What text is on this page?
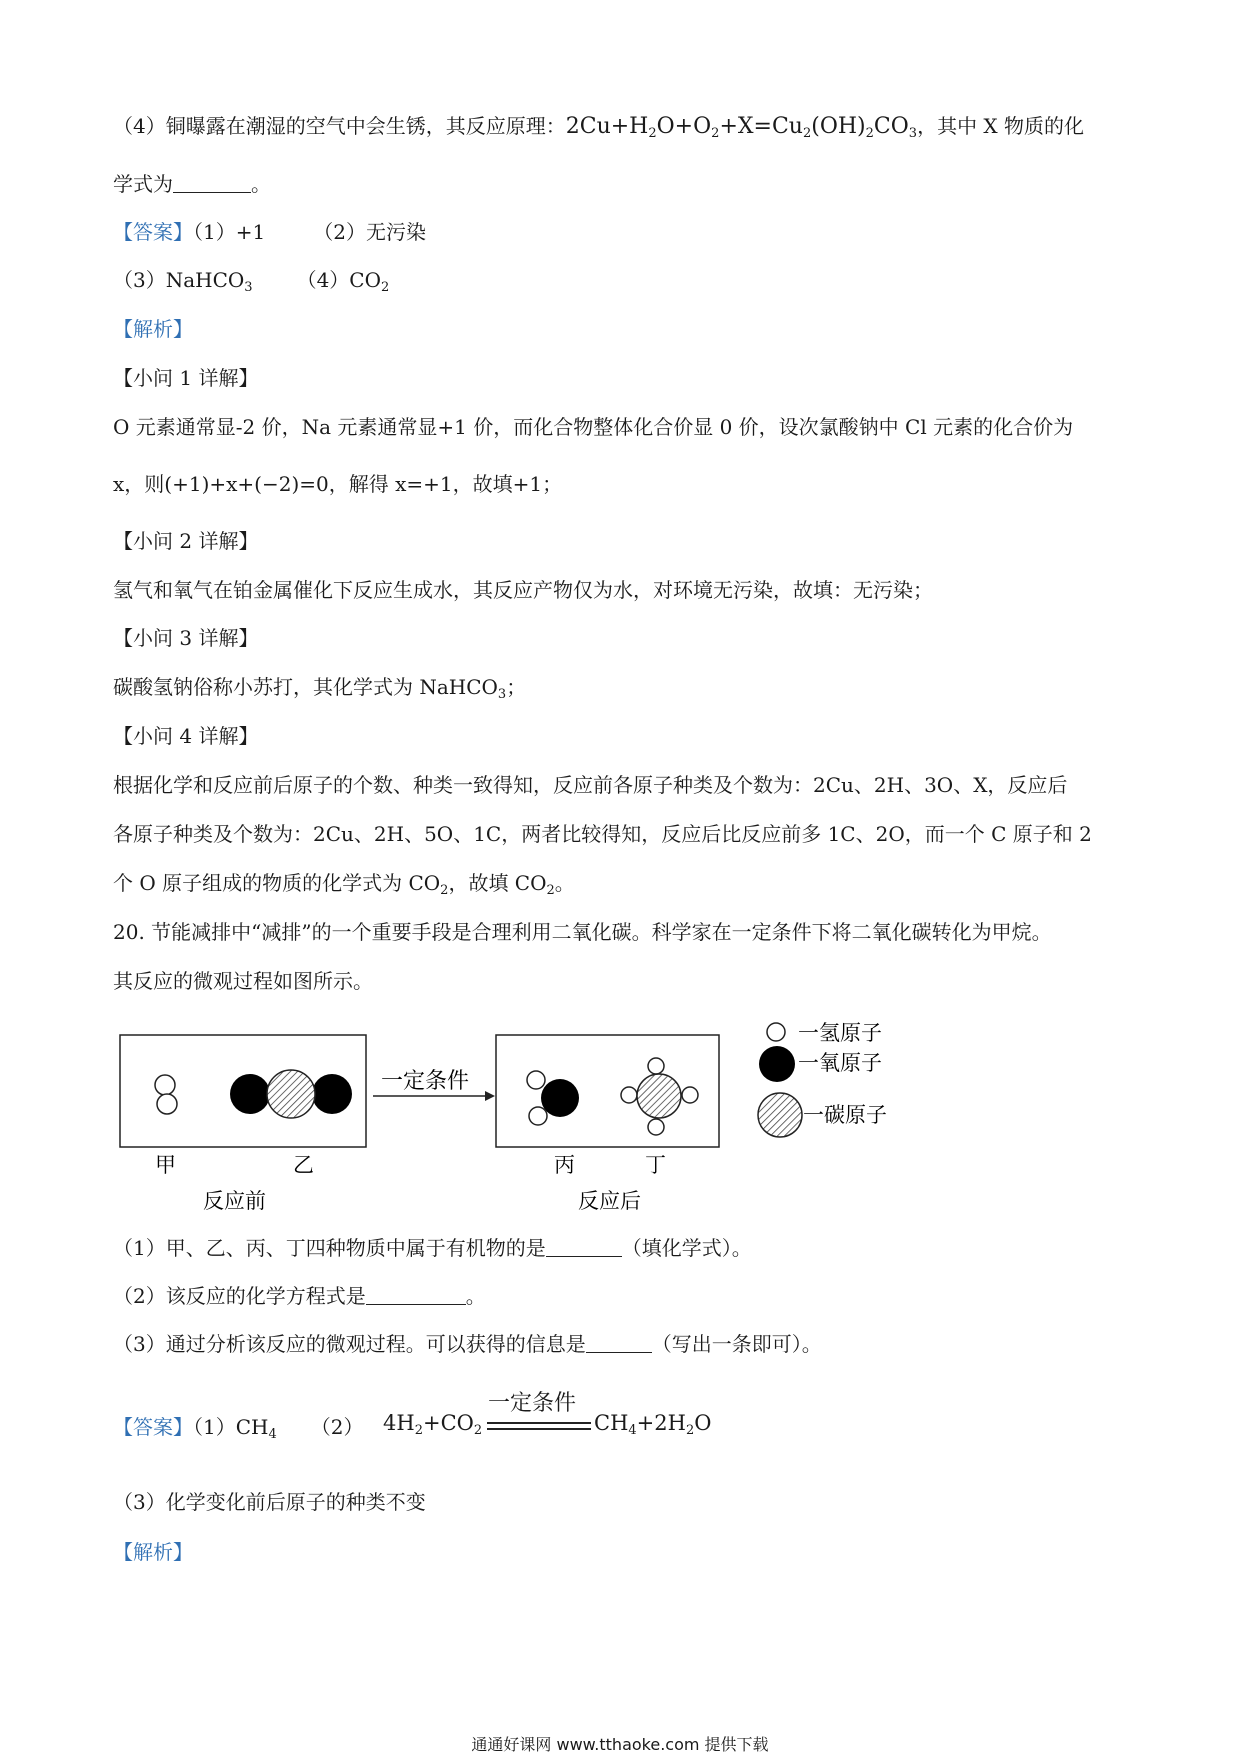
（4）铜曝露在潮湿的空气中会生锈，其反应原理：$2Cu+H_2O+O_2+X=Cu_2(OH)_2CO_3$，其中 X 物质的化
学式为	。
【答案】（1）+1 （2）无污染
（3）NaHCO$_3$ $(4)CO_2$
【解析】
【小问 1 详解】
O 元素通常显-2 价，Na 元素通常显+1 价，而化合物整体化合价显 0 价，设次氯酸钠中 Cl 元素的化合价为
x，则(+1)+x+(−2)=0，解得 x=+1，故填+1；
【小问 2 详解】
氢气和氧气在铂金属催化下反应生成水，其反应产物仅为水，对环境无污染，故填：无污染；
【小问 3 详解】
碳酸氢钠俗称小苏打，其化学式为 NaHCO$_3$；
【小问 4 详解】
根据化学和反应前后原子的个数、种类一致得知，反应前各原子种类及个数为：2Cu、2H、3O、X，反应后
各原子种类及个数为：2Cu、2H、5O、1C，两者比较得知，反应后比反应前多 1C、2O，而一个 C 原子和 2
个 O 原子组成的物质的化学式为 $CO_2$，故填 $CO_2$。
20. 节能减排中“减排”的一个重要手段是合理利用二氧化碳。科学家在一定条件下将二氧化碳转化为甲烷。
其反应的微观过程如图所示。
一定条件
甲	乙
反应前
丙	丁
反应后
一氢原子
一氧原子
一碳原子
（1）甲、乙、丙、丁四种物质中属于有机物的是	（填化学式）。
（2）该反应的化学方程式是	。
（3）通过分析该反应的微观过程。可以获得的信息是	（写出一条即可）。
【答案】$(1)CH_4$ （2） $4H_2+CO_2$
一定条件
$CH_4+2H_2O$
（3）化学变化前后原子的种类不变
【解析】
通通好课网 www.tthaoke.com 提供下载
